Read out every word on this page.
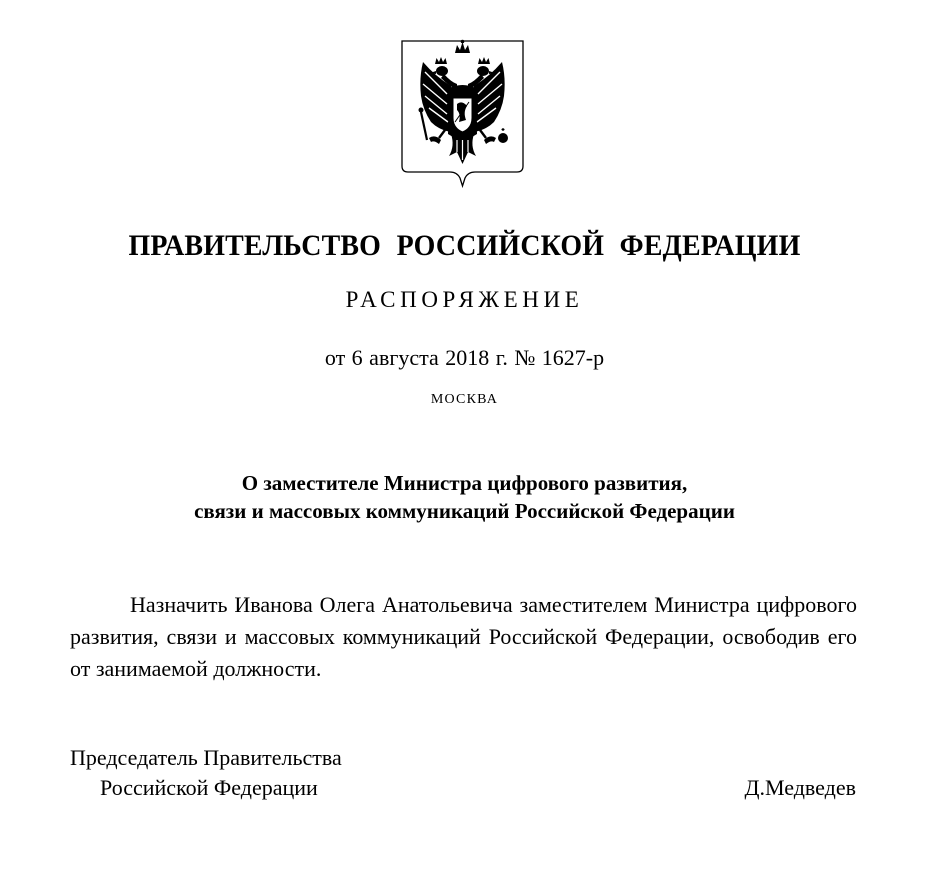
ПРАВИТЕЛЬСТВО РОССИЙСКОЙ ФЕДЕРАЦИИ
РАСПОРЯЖЕНИЕ
от 6 августа 2018 г. № 1627-р
МОСКВА
О заместителе Министра цифрового развития,
связи и массовых коммуникаций Российской Федерации
Назначить Иванова Олега Анатольевича заместителем Министра цифрового развития, связи и массовых коммуникаций Российской Федерации, освободив его от занимаемой должности.
Председатель Правительства
Российской Федерации	Д.Медведев
